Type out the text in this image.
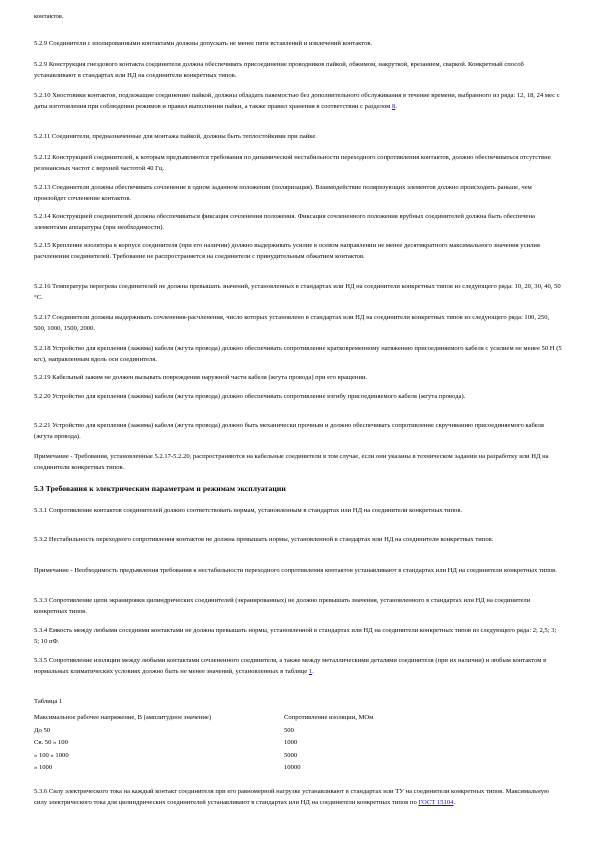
контактов.

5.2.9 Соединители с изолированными контактами должны допускать не менее пяти вставлений и извлечений контактов.

5.2.9 Конструкция гнездового контакта соединителя должна обеспечивать присоединение проводников пайкой, обжимом, накруткой, врезанием, сваркой. Конкретный способ устанавливают в стандартах или НД на соединители конкретных типов.

5.2.10 Хвостовики контактов, подлежащие соединению пайкой, должны обладать паяемостью без дополнительного обслуживания в течение времени, выбранного из ряда: 12, 18, 24 мес с даты изготовления при соблюдении режимов и правил выполнения пайки, а также правил хранения в соответствии с разделом 8.

5.2.11 Соединители, предназначенные для монтажа пайкой, должны быть теплостойкими при пайке.

5.2.12 Конструкцией соединителей, к которым предъявляются требования по динамической нестабильности переходного сопротивления контактов, должно обеспечиваться отсутствие резонансных частот с верхней частотой 40 Гц.

5.2.13 Соединители должны обеспечивать сочленение в одном заданном положении (поляризация). Взаимодействие поляризующих элементов должно происходить раньше, чем произойдет сочленение контактов.

5.2.14 Конструкцией соединителей должна обеспечиваться фиксация сочленения положения. Фиксация сочлененного положения врубных соединителей должна быть обеспечена элементами аппаратуры (при необходимости).

5.2.15 Крепление изолятора в корпусе соединителя (при его наличии) должно выдерживать усилие в осевом направлении не менее десятикратного максимального значения усилия расчленения соединителей. Требование не распространяется на соединители с принудительным обжатием контактов.

5.2.16 Температура перегрева соединителей не должна превышать значений, установленных в стандартах или НД на соединители конкретных типов из следующего ряда: 10, 20, 30, 40, 50 °С.

5.2.17 Соединители должны выдерживать сочленения-расчленения, число которых установлено в стандартах или НД на соединители конкретных типов из следующего ряда: 100, 250, 500, 1000, 1500, 2000.

5.2.18 Устройство для крепления (зажима) кабеля (жгута провода) должно обеспечивать сопротивление кратковременному натяжению присоединяемого кабеля с усилием не менее 50 Н (5 кгс), направленным вдоль оси соединителя.

5.2.19 Кабельный зажим не должен вызывать повреждения наружной части кабеля (жгута провода) при его вращении.

5.2.20 Устройство для крепления (зажима) кабеля (жгута провода) должно обеспечивать сопротивление изгибу присоединяемого кабеля (жгута провода).

5.2.21 Устройство для крепления (зажима) кабеля (жгута провода) должно быть механически прочным и должно обеспечивать сопротивление скручиванию присоединяемого кабеля (жгута провода).

Примечание - Требования, установленные 5.2.17-5.2.20, распространяются на кабельные соединители в том случае, если они указаны в техническом задании на разработку или НД на соединители конкретных типов.

5.3 Требования к электрическим параметрам и режимам эксплуатации

5.3.1 Сопротивление контактов соединителей должно соответствовать нормам, установленным в стандартах или НД на соединители конкретных типов.

5.3.2 Нестабильность переходного сопротивления контактов не должна превышать нормы, установленной в стандартах или НД на соединители конкретных типов.

Примечание - Необходимость предъявления требования к нестабильности переходного сопротивления контактов устанавливают в стандартах или НД на соединители конкретных типов.

5.3.3 Сопротивление цепи экранировки цилиндрических соединителей (экранированных) не должно превышать значения, установленного в стандартах или НД на соединители конкретных типов.

5.3.4 Емкость между любыми соседними контактами не должна превышать нормы, установленной в стандартах или НД на соединители конкретных типов из следующего ряда: 2; 2,5; 3; 5; 10 пФ.

5.3.5 Сопротивление изоляции между любыми контактами сочлененного соединителя, а также между металлическими деталями соединителя (при их наличии) и любым контактом в нормальных климатических условиях должно быть не менее значений, установленных в таблице 1.

Таблица 1

Максимальное рабочее напряжение, В (амплитудное значение)	Сопротивление изоляции, МОм
До 50	500
Св. 50 » 100	1000
» 100 » 1000	5000
» 1000	10000

5.3.6 Силу электрического тока на каждый контакт соединителя при его равномерной нагрузке устанавливают в стандартах или ТУ на соединители конкретных типов. Максимальную силу электрического тока для цилиндрических соединителей устанавливают в стандартах или НД на соединители конкретных типов по ГОСТ 15104.
